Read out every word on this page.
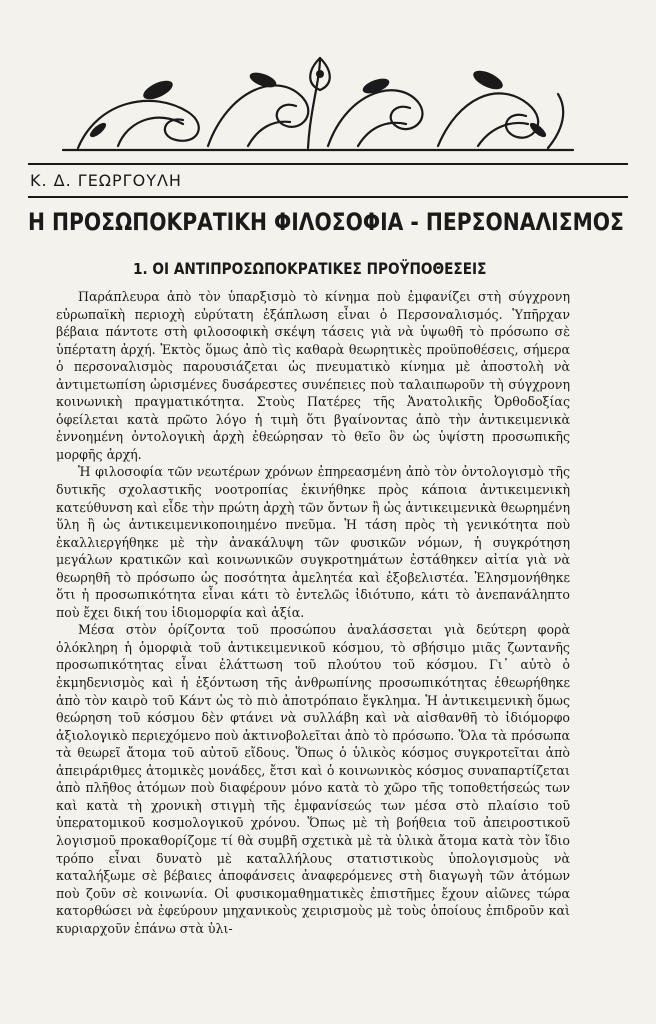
Κ. Δ. ΓΕΩΡΓΟΥΛΗ
Η ΠΡΟΣΩΠΟΚΡΑΤΙΚΗ ΦΙΛΟΣΟΦΙΑ - ΠΕΡΣΟΝΑΛΙΣΜΟΣ
1. ΟΙ ΑΝΤΙΠΡΟΣΩΠΟΚΡΑΤΙΚΕΣ ΠΡΟΫΠΟΘΕΣΕΙΣ

Παράπλευρα ἀπὸ τὸν ὑπαρξισμὸ τὸ κίνημα ποὺ ἐμφανίζει στὴ σύγχρονη εὐρωπαϊκὴ περιοχὴ εὐρύτατη ἐξάπλωση εἶναι ὁ Περσοναλισμός. Ὑπῆρχαν βέβαια πάντοτε στὴ φιλοσοφικὴ σκέψη τάσεις γιὰ νὰ ὑψωθῆ τὸ πρόσωπο σὲ ὑπέρτατη ἀρχή. Ἐκτὸς ὅμως ἀπὸ τὶς καθαρὰ θεωρητικὲς προϋποθέσεις, σήμερα ὁ περσοναλισμὸς παρουσιάζεται ὡς πνευματικὸ κίνημα μὲ ἀποστολὴ νὰ ἀντιμετωπίση ὡρισμένες δυσάρεστες συνέπειες ποὺ ταλαιπωροῦν τὴ σύγχρονη κοινωνικὴ πραγματικότητα. Στοὺς Πατέρες τῆς Ἀνατολικῆς Ὀρθοδοξίας ὀφείλεται κατὰ πρῶτο λόγο ἡ τιμὴ ὅτι βγαίνοντας ἀπὸ τὴν ἀντικειμενικὰ ἐννοημένη ὀντολογικὴ ἀρχὴ ἐθεώρησαν τὸ θεῖο ὃν ὡς ὑψίστη προσωπικῆς μορφῆς ἀρχή.

Ἡ φιλοσοφία τῶν νεωτέρων χρόνων ἐπηρεασμένη ἀπὸ τὸν ὀντολογισμὸ τῆς δυτικῆς σχολαστικῆς νοοτροπίας ἐκινήθηκε πρὸς κάποια ἀντικειμενικὴ κατεύθυνση καὶ εἶδε τὴν πρώτη ἀρχὴ τῶν ὄντων ἢ ὡς ἀντικειμενικὰ θεωρημένη ὕλη ἢ ὡς ἀντικειμενικοποιημένο πνεῦμα. Ἡ τάση πρὸς τὴ γενικότητα ποὺ ἐκαλλιεργήθηκε μὲ τὴν ἀνακάλυψη τῶν φυσικῶν νόμων, ἡ συγκρότηση μεγάλων κρατικῶν καὶ κοινωνικῶν συγκροτημάτων ἐστάθηκεν αἰτία γιὰ νὰ θεωρηθῆ τὸ πρόσωπο ὡς ποσότητα ἀμελητέα καὶ ἐξοβελιστέα. Ἐλησμονήθηκε ὅτι ἡ προσωπικότητα εἶναι κάτι τὸ ἐντελῶς ἰδιότυπο, κάτι τὸ ἀνεπανάληπτο ποὺ ἔχει δική του ἰδιομορφία καὶ ἀξία.

Μέσα στὸν ὁρίζοντα τοῦ προσώπου ἀναλάσσεται γιὰ δεύτερη φορὰ ὁλόκληρη ἡ ὁμορφιὰ τοῦ ἀντικειμενικοῦ κόσμου, τὸ σβήσιμο μιᾶς ζωντανῆς προσωπικότητας εἶναι ἐλάττωση τοῦ πλούτου τοῦ κόσμου. Γι᾽ αὐτὸ ὁ ἐκμηδενισμὸς καὶ ἡ ἐξόντωση τῆς ἀνθρωπίνης προσωπικότητας ἐθεωρήθηκε ἀπὸ τὸν καιρὸ τοῦ Κάντ ὡς τὸ πιὸ ἀποτρόπαιο ἔγκλημα. Ἡ ἀντικειμενικὴ ὅμως θεώρηση τοῦ κόσμου δὲν φτάνει νὰ συλλάβη καὶ νὰ αἰσθανθῆ τὸ ἰδιόμορφο ἀξιολογικὸ περιεχόμενο ποὺ ἀκτινοβολεῖται ἀπὸ τὸ πρόσωπο. Ὅλα τὰ πρόσωπα τὰ θεωρεῖ ἄτομα τοῦ αὐτοῦ εἴδους. Ὅπως ὁ ὑλικὸς κόσμος συγκροτεῖται ἀπὸ ἀπειράριθμες ἀτομικὲς μονάδες, ἔτσι καὶ ὁ κοινωνικὸς κόσμος συναπαρτίζεται ἀπὸ πλῆθος ἀτόμων ποὺ διαφέρουν μόνο κατὰ τὸ χῶρο τῆς τοποθετήσεώς των καὶ κατὰ τὴ χρονικὴ στιγμὴ τῆς ἐμφανίσεώς των μέσα στὸ πλαίσιο τοῦ ὑπερατομικοῦ κοσμολογικοῦ χρόνου. Ὅπως μὲ τὴ βοήθεια τοῦ ἀπειροστικοῦ λογισμοῦ προκαθορίζομε τί θὰ συμβῆ σχετικὰ μὲ τὰ ὑλικὰ ἄτομα κατὰ τὸν ἴδιο τρόπο εἶναι δυνατὸ μὲ καταλλήλους στατιστικοὺς ὑπολογισμοὺς νὰ καταλήξωμε σὲ βέβαιες ἀποφάνσεις ἀναφερόμενες στὴ διαγωγὴ τῶν ἀτόμων ποὺ ζοῦν σὲ κοινωνία. Οἱ φυσικομαθηματικὲς ἐπιστῆμες ἔχουν αἰῶνες τώρα κατορθώσει νὰ ἐφεύρουν μηχανικοὺς χειρισμοὺς μὲ τοὺς ὁποίους ἐπιδροῦν καὶ κυριαρχοῦν ἐπάνω στὰ ὑλι-
